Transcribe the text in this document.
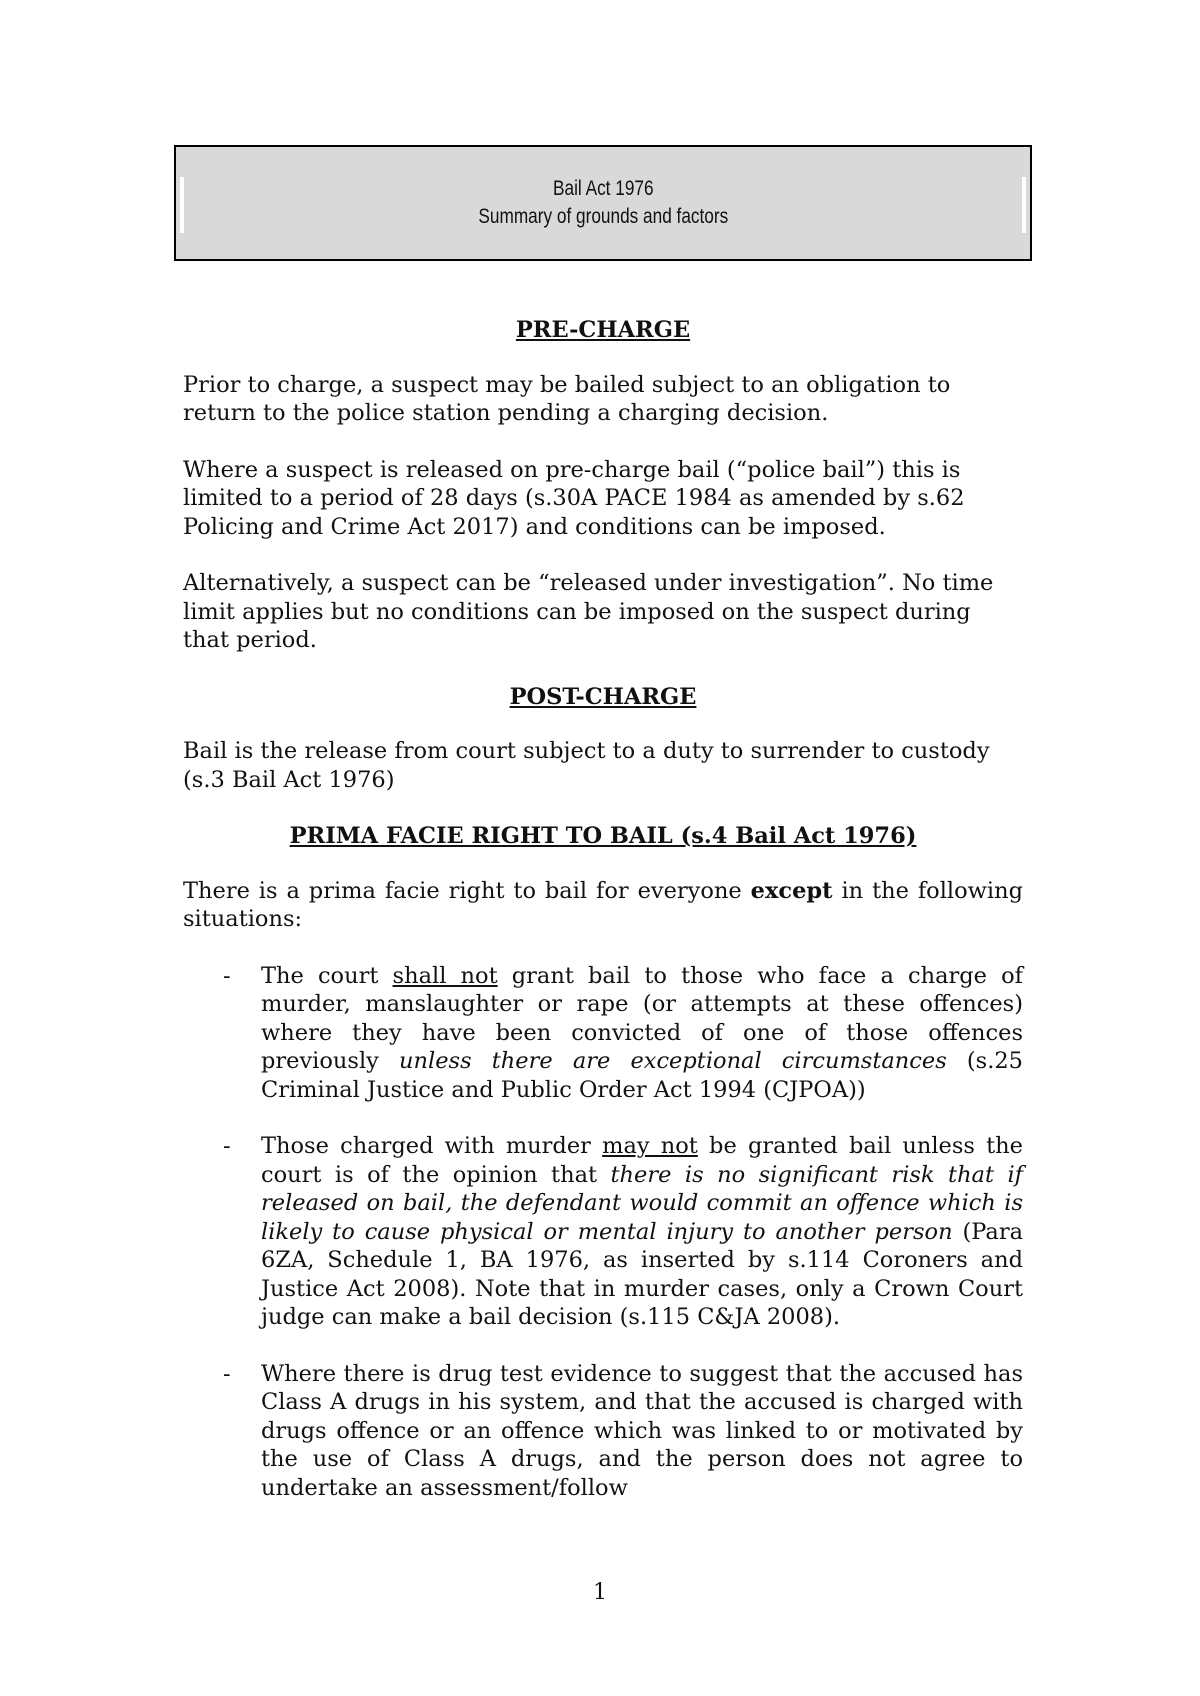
Bail Act 1976
Summary of grounds and factors
PRE-CHARGE

Prior to charge, a suspect may be bailed subject to an obligation to return to the police station pending a charging decision.

Where a suspect is released on pre-charge bail (“police bail”) this is limited to a period of 28 days (s.30A PACE 1984 as amended by s.62 Policing and Crime Act 2017) and conditions can be imposed.

Alternatively, a suspect can be “released under investigation”. No time limit applies but no conditions can be imposed on the suspect during that period.

POST-CHARGE

Bail is the release from court subject to a duty to surrender to custody (s.3 Bail Act 1976)

PRIMA FACIE RIGHT TO BAIL (s.4 Bail Act 1976)

There is a prima facie right to bail for everyone except in the following situations:

- The court shall not grant bail to those who face a charge of murder, manslaughter or rape (or attempts at these offences) where they have been convicted of one of those offences previously unless there are exceptional circumstances (s.25 Criminal Justice and Public Order Act 1994 (CJPOA))
- Those charged with murder may not be granted bail unless the court is of the opinion that there is no significant risk that if released on bail, the defendant would commit an offence which is likely to cause physical or mental injury to another person (Para 6ZA, Schedule 1, BA 1976, as inserted by s.114 Coroners and Justice Act 2008). Note that in murder cases, only a Crown Court judge can make a bail decision (s.115 C&JA 2008).
- Where there is drug test evidence to suggest that the accused has Class A drugs in his system, and that the accused is charged with drugs offence or an offence which was linked to or motivated by the use of Class A drugs, and the person does not agree to undertake an assessment/follow
1
